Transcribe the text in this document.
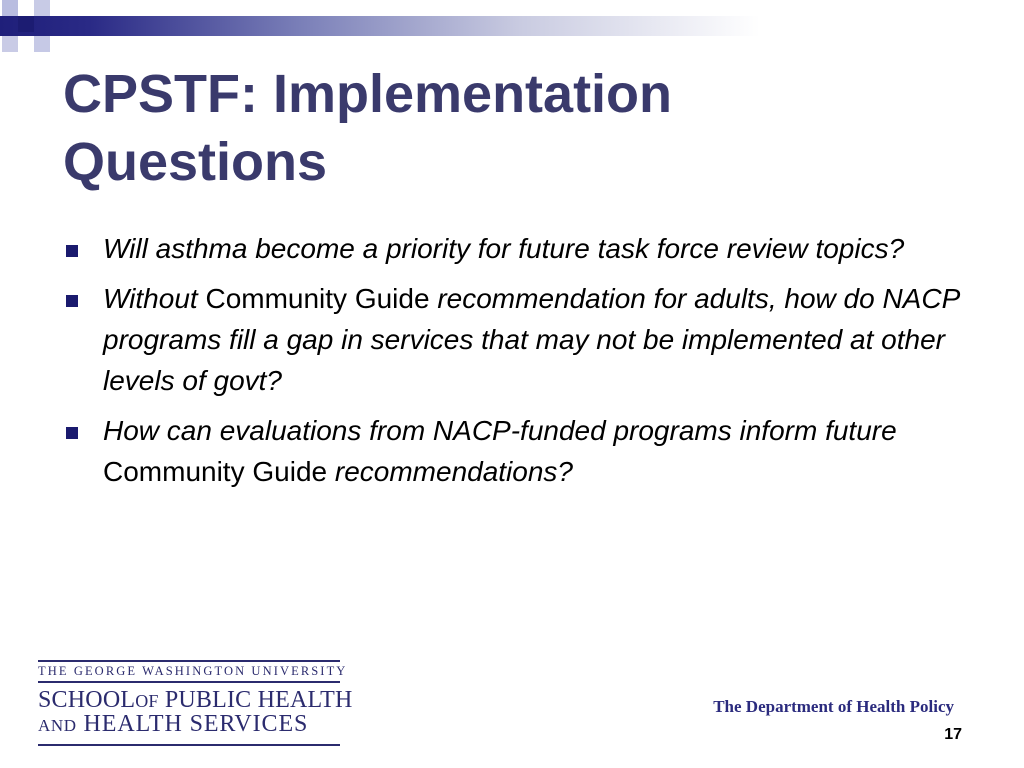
CPSTF: Implementation
Questions
Will asthma become a priority for future task force review topics?
Without Community Guide recommendation for adults, how do NACP programs fill a gap in services that may not be implemented at other levels of govt?
How can evaluations from NACP-funded programs inform future Community Guide recommendations?
THE GEORGE WASHINGTON UNIVERSITY
SCHOOLOF PUBLIC HEALTH
AND HEALTH SERVICES
The Department of Health Policy
17
